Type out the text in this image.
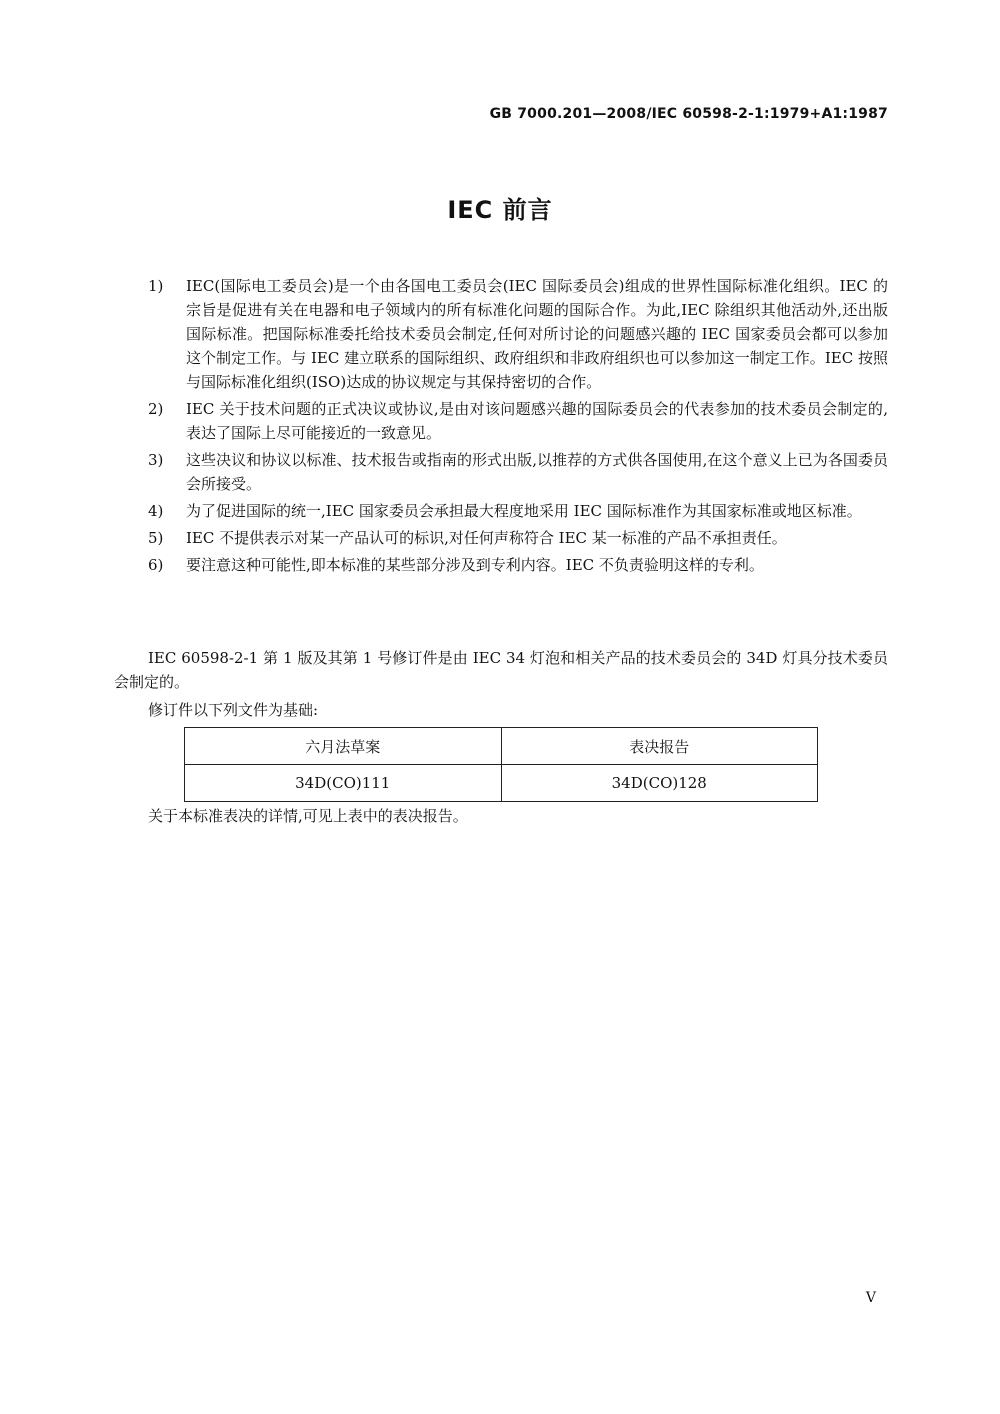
GB 7000.201—2008/IEC 60598-2-1:1979+A1:1987
IEC 前言
1)	IEC(国际电工委员会)是一个由各国电工委员会(IEC 国际委员会)组成的世界性国际标准化组织。IEC 的宗旨是促进有关在电器和电子领域内的所有标准化问题的国际合作。为此,IEC 除组织其他活动外,还出版国际标准。把国际标准委托给技术委员会制定,任何对所讨论的问题感兴趣的 IEC 国家委员会都可以参加这个制定工作。与 IEC 建立联系的国际组织、政府组织和非政府组织也可以参加这一制定工作。IEC 按照与国际标准化组织(ISO)达成的协议规定与其保持密切的合作。
2)	IEC 关于技术问题的正式决议或协议,是由对该问题感兴趣的国际委员会的代表参加的技术委员会制定的,表达了国际上尽可能接近的一致意见。
3)	这些决议和协议以标准、技术报告或指南的形式出版,以推荐的方式供各国使用,在这个意义上已为各国委员会所接受。
4)	为了促进国际的统一,IEC 国家委员会承担最大程度地采用 IEC 国际标准作为其国家标准或地区标准。
5)	IEC 不提供表示对某一产品认可的标识,对任何声称符合 IEC 某一标准的产品不承担责任。
6)	要注意这种可能性,即本标准的某些部分涉及到专利内容。IEC 不负责验明这样的专利。
IEC 60598-2-1 第 1 版及其第 1 号修订件是由 IEC 34 灯泡和相关产品的技术委员会的 34D 灯具分技术委员会制定的。
修订件以下列文件为基础:
六月法草案	表决报告
34D(CO)111	34D(CO)128
关于本标准表决的详情,可见上表中的表决报告。
V
